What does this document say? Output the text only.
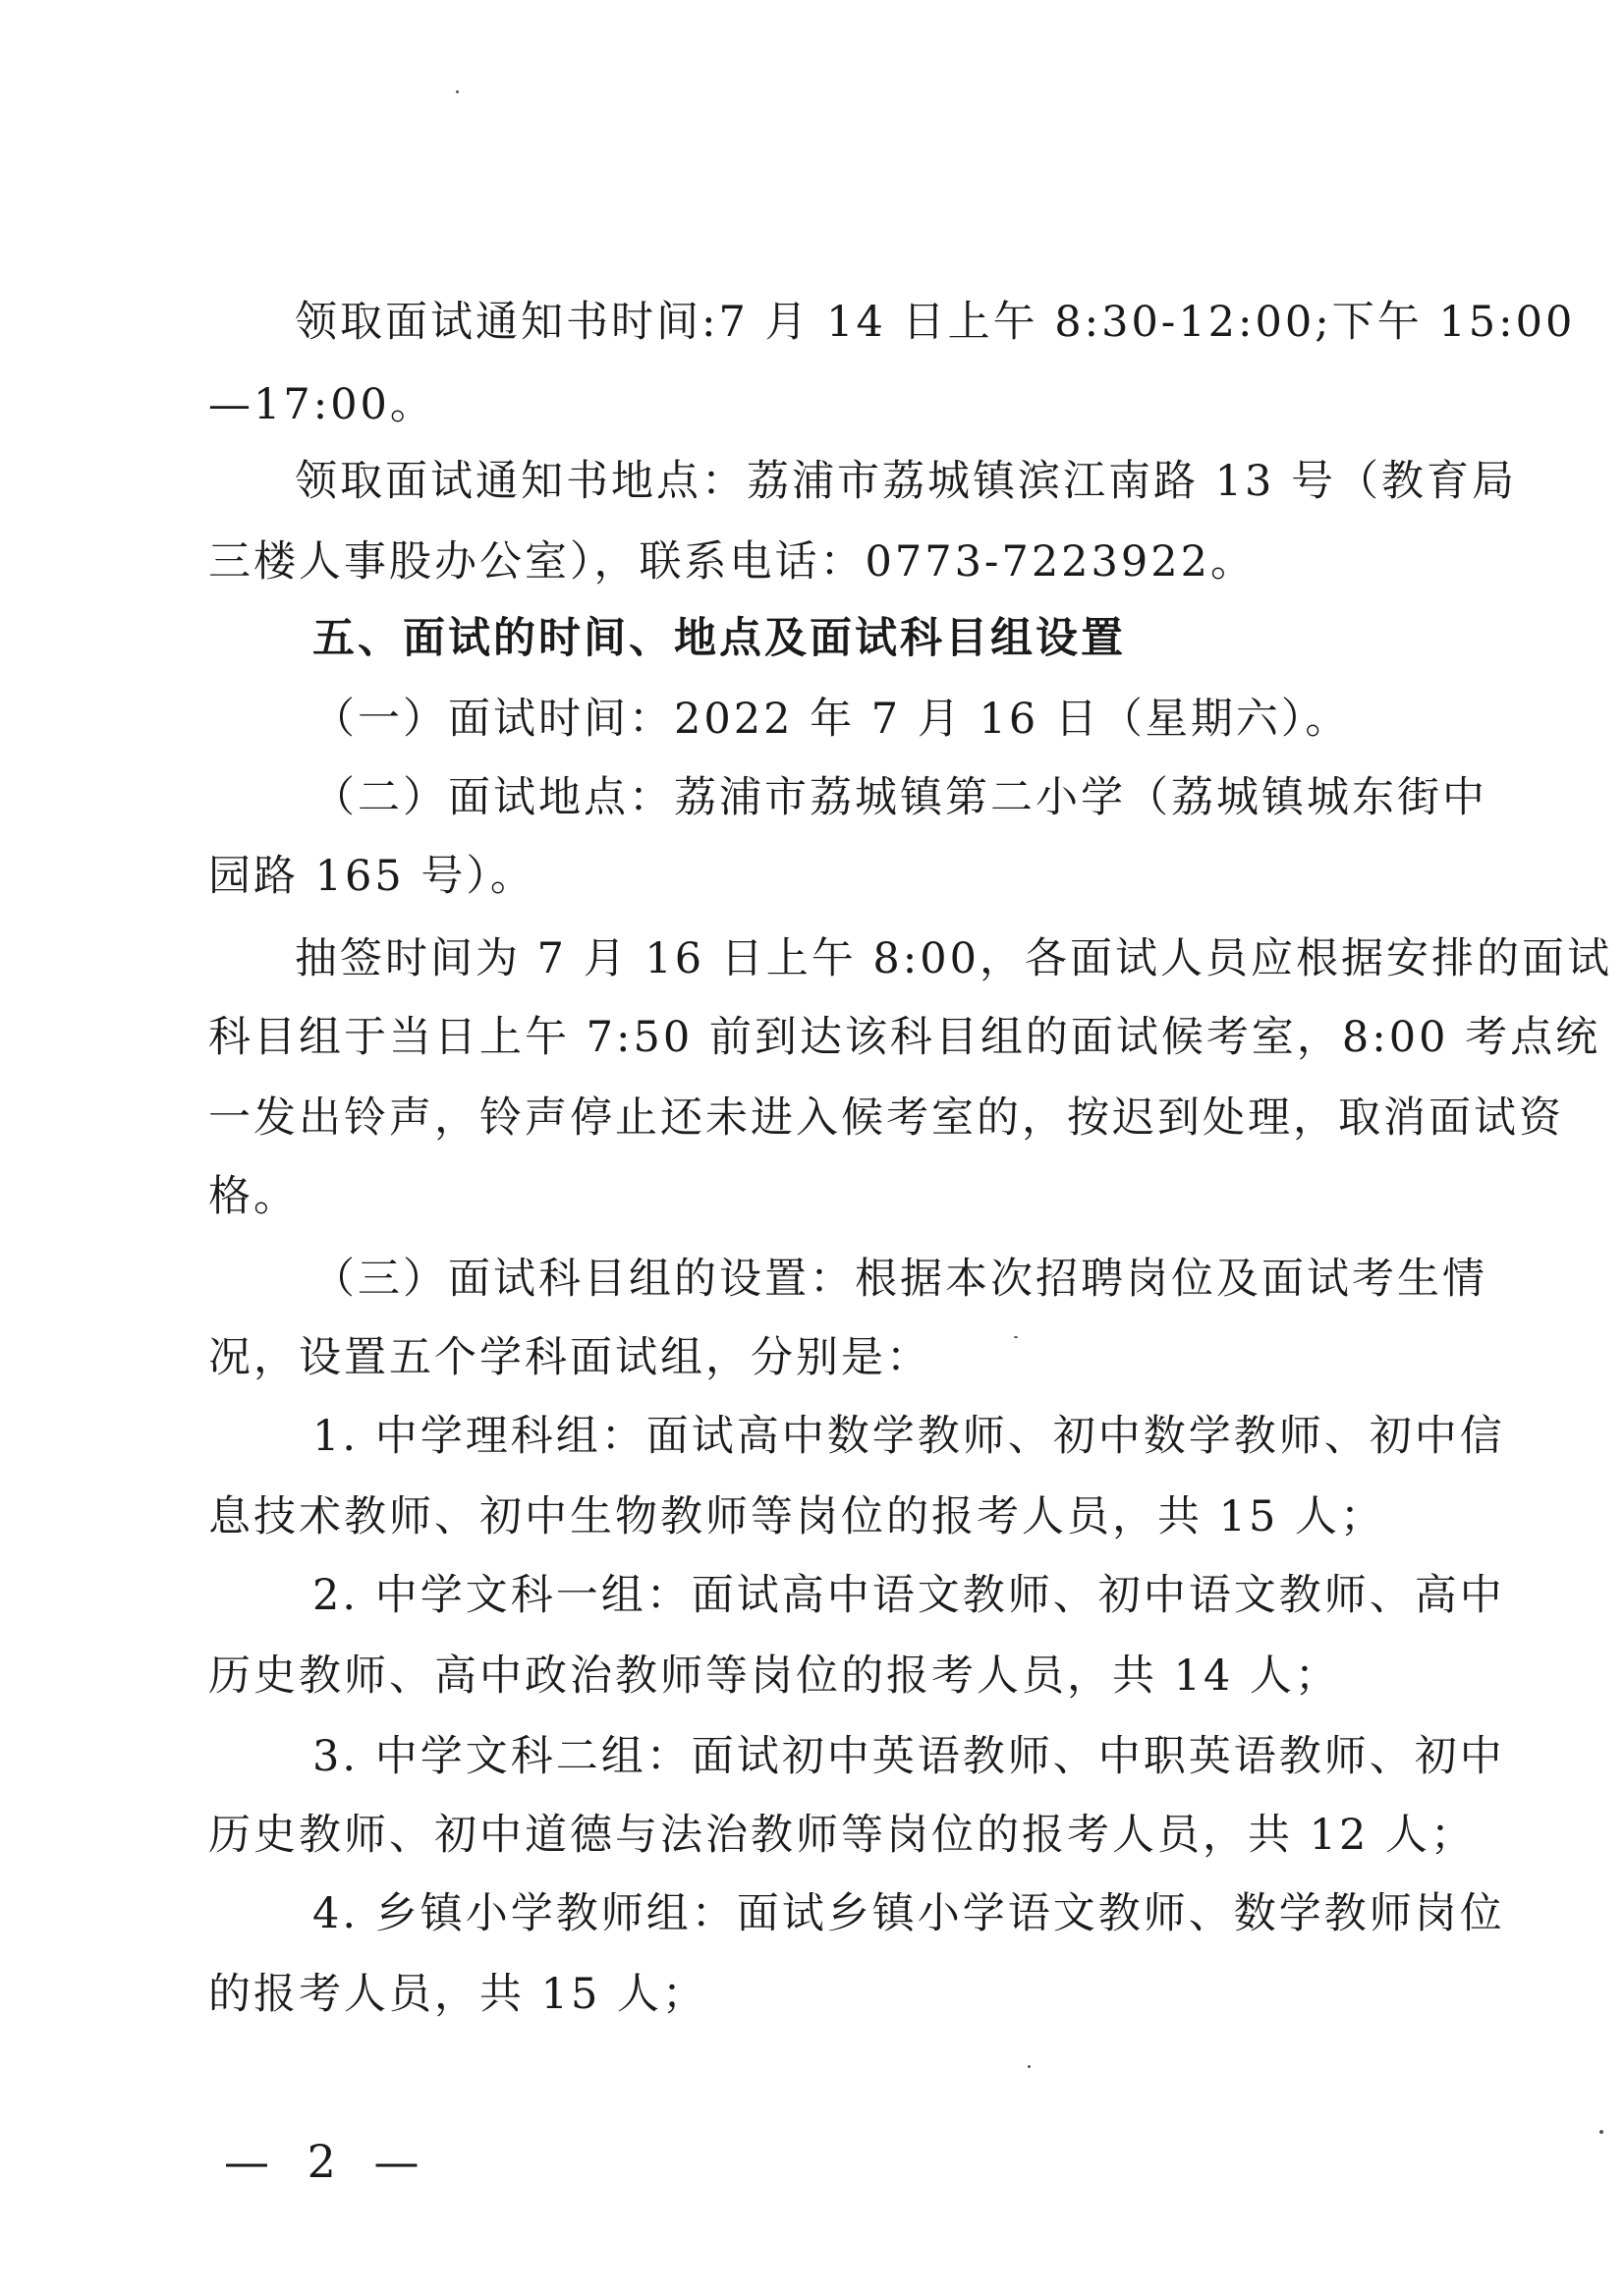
领取面试通知书时间:7 月 14 日上午 8:30-12:00;下午 15:00
—17:00。
领取面试通知书地点：荔浦市荔城镇滨江南路 13 号（教育局
三楼人事股办公室），联系电话：0773-7223922。
五、面试的时间、地点及面试科目组设置
（一）面试时间：2022 年 7 月 16 日（星期六）。
（二）面试地点：荔浦市荔城镇第二小学（荔城镇城东街中
园路 165 号）。
抽签时间为 7 月 16 日上午 8:00，各面试人员应根据安排的面试
科目组于当日上午 7:50 前到达该科目组的面试候考室，8:00 考点统
一发出铃声，铃声停止还未进入候考室的，按迟到处理，取消面试资
格。
（三）面试科目组的设置：根据本次招聘岗位及面试考生情
况，设置五个学科面试组，分别是：
1. 中学理科组：面试高中数学教师、初中数学教师、初中信
息技术教师、初中生物教师等岗位的报考人员，共 15 人；
2. 中学文科一组：面试高中语文教师、初中语文教师、高中
历史教师、高中政治教师等岗位的报考人员，共 14 人；
3. 中学文科二组：面试初中英语教师、中职英语教师、初中
历史教师、初中道德与法治教师等岗位的报考人员，共 12 人；
4. 乡镇小学教师组：面试乡镇小学语文教师、数学教师岗位
的报考人员，共 15 人；
— 2 —
